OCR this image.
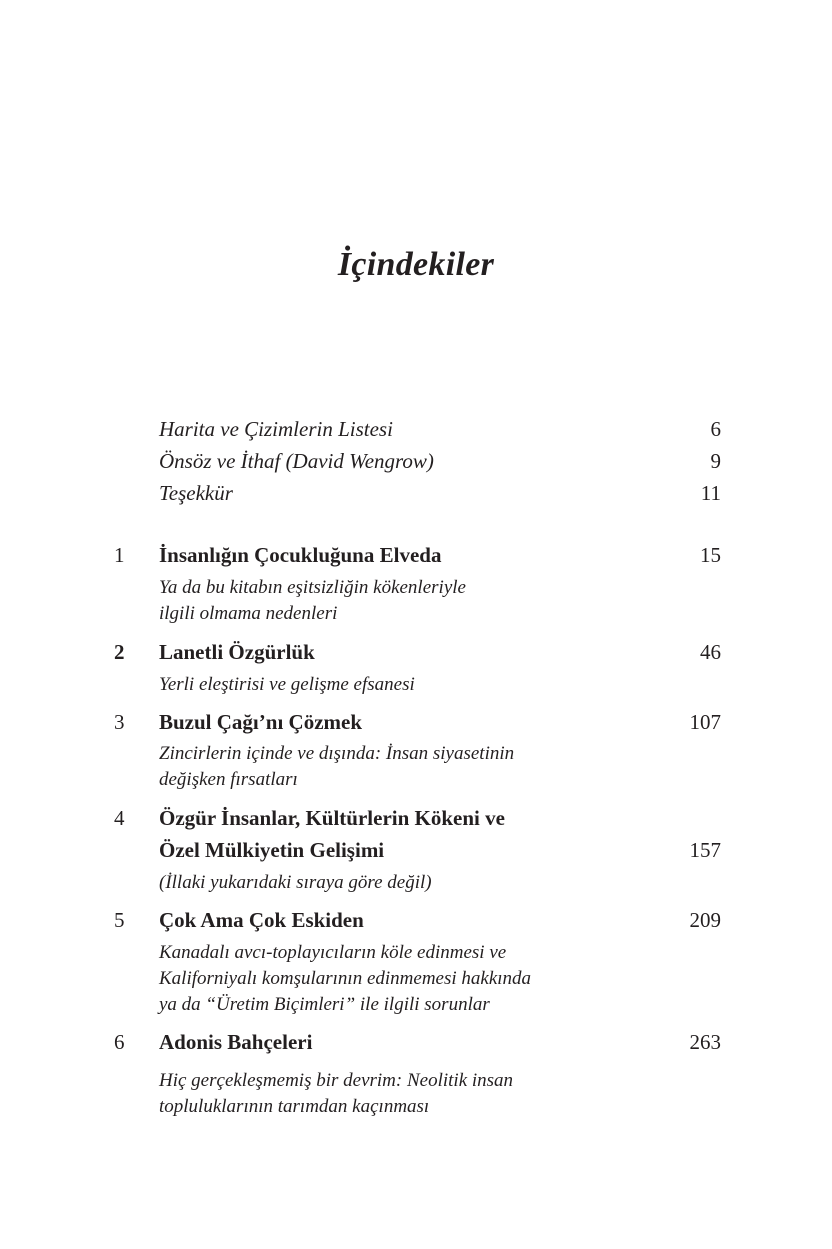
İçindekiler
Harita ve Çizimlerin Listesi	6
Önsöz ve İthaf (David Wengrow)	9
Teşekkür	11
1 İnsanlığın Çocukluğuna Elveda	15
Ya da bu kitabın eşitsizliğin kökenleriyle
ilgili olmama nedenleri
2 Lanetli Özgürlük	46
Yerli eleştirisi ve gelişme efsanesi
3 Buzul Çağı’nı Çözmek	107
Zincirlerin içinde ve dışında: İnsan siyasetinin
değişken fırsatları
4 Özgür İnsanlar, Kültürlerin Kökeni ve
Özel Mülkiyetin Gelişimi	157
(İllaki yukarıdaki sıraya göre değil)
5 Çok Ama Çok Eskiden	209
Kanadalı avcı-toplayıcıların köle edinmesi ve
Kaliforniyalı komşularının edinmemesi hakkında
ya da “Üretim Biçimleri” ile ilgili sorunlar
6 Adonis Bahçeleri	263
Hiç gerçekleşmemiş bir devrim: Neolitik insan
topluluklarının tarımdan kaçınması
